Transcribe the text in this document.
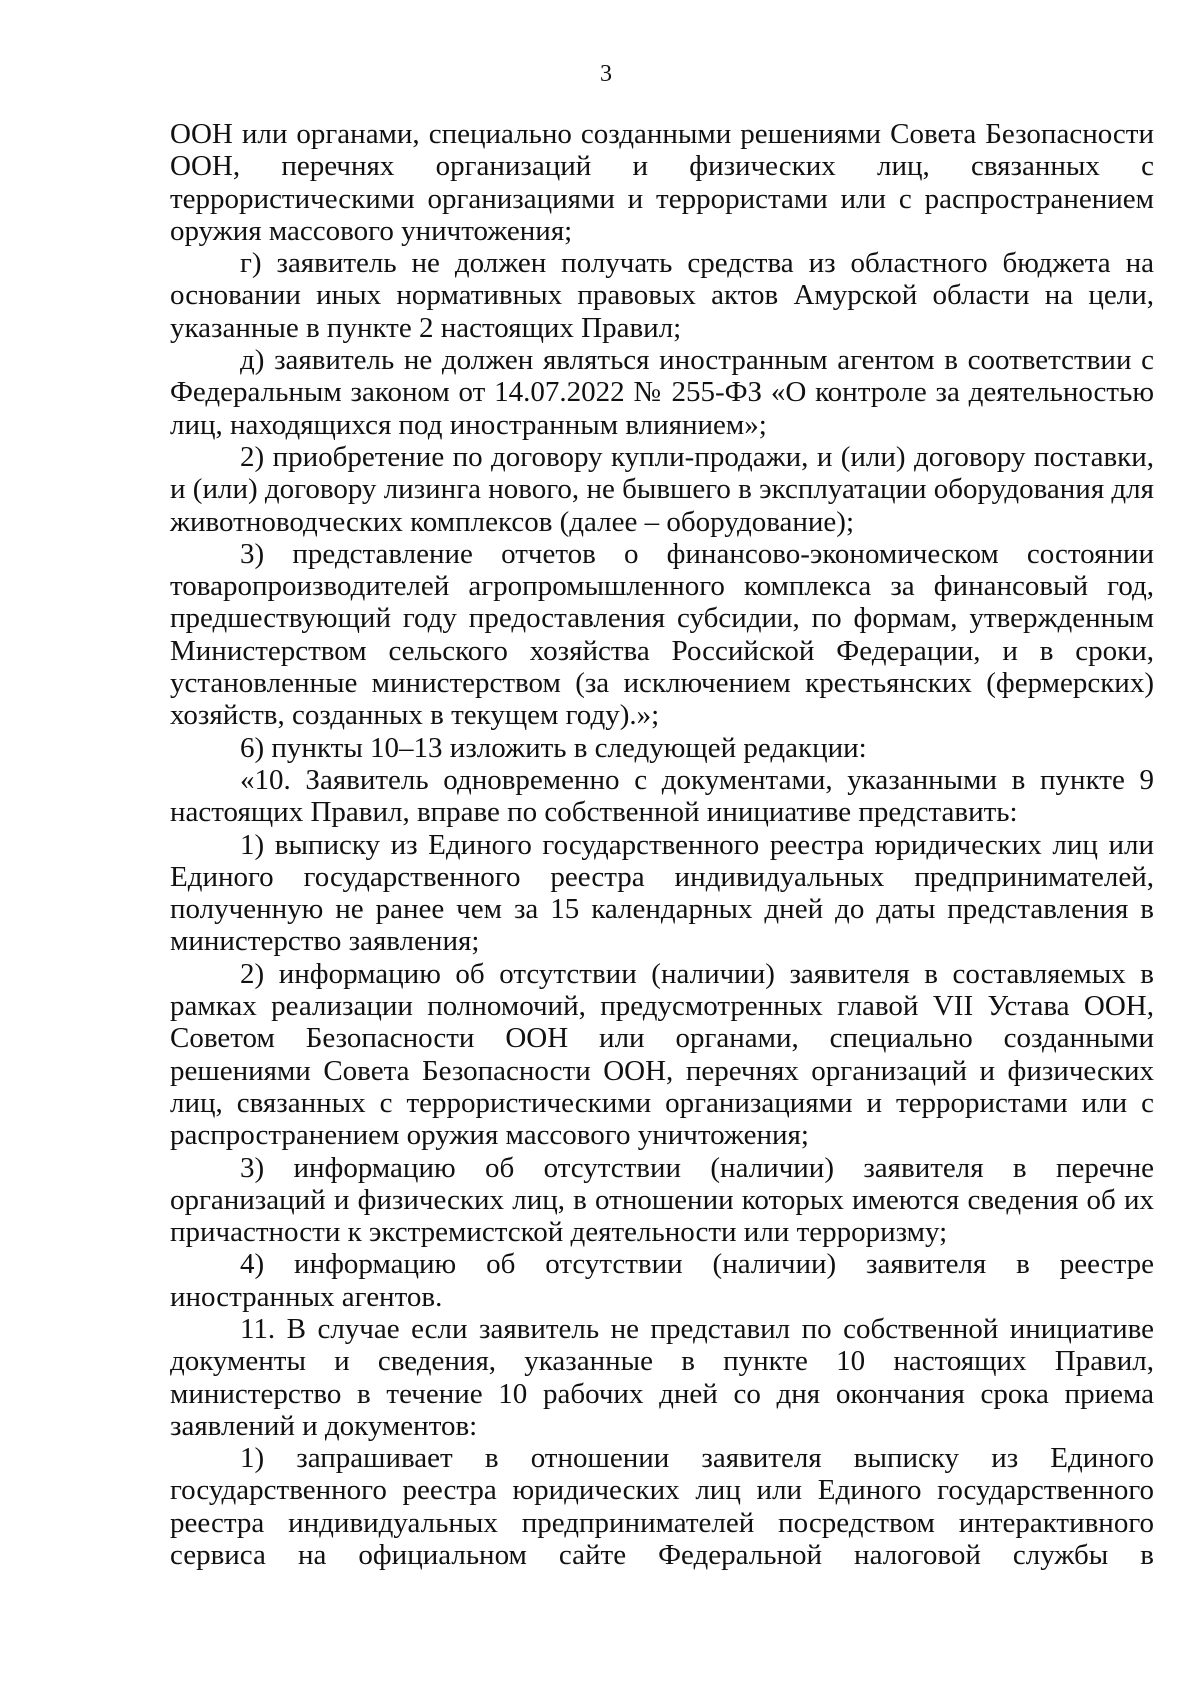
3

ООН или органами, специально созданными решениями Совета Безопасности ООН, перечнях организаций и физических лиц, связанных с террористическими организациями и террористами или с распространением оружия массового уничтожения;

г) заявитель не должен получать средства из областного бюджета на основании иных нормативных правовых актов Амурской области на цели, указанные в пункте 2 настоящих Правил;

д) заявитель не должен являться иностранным агентом в соответствии с Федеральным законом от 14.07.2022 № 255-ФЗ «О контроле за деятельностью лиц, находящихся под иностранным влиянием»;

2) приобретение по договору купли-продажи, и (или) договору поставки, и (или) договору лизинга нового, не бывшего в эксплуатации оборудования для животноводческих комплексов (далее – оборудование);

3) представление отчетов о финансово-экономическом состоянии товаропроизводителей агропромышленного комплекса за финансовый год, предшествующий году предоставления субсидии, по формам, утвержденным Министерством сельского хозяйства Российской Федерации, и в сроки, установленные министерством (за исключением крестьянских (фермерских) хозяйств, созданных в текущем году).»;

6) пункты 10–13 изложить в следующей редакции:

«10. Заявитель одновременно с документами, указанными в пункте 9 настоящих Правил, вправе по собственной инициативе представить:

1) выписку из Единого государственного реестра юридических лиц или Единого государственного реестра индивидуальных предпринимателей, полученную не ранее чем за 15 календарных дней до даты представления в министерство заявления;

2) информацию об отсутствии (наличии) заявителя в составляемых в рамках реализации полномочий, предусмотренных главой VII Устава ООН, Советом Безопасности ООН или органами, специально созданными решениями Совета Безопасности ООН, перечнях организаций и физических лиц, связанных с террористическими организациями и террористами или с распространением оружия массового уничтожения;

3) информацию об отсутствии (наличии) заявителя в перечне организаций и физических лиц, в отношении которых имеются сведения об их причастности к экстремистской деятельности или терроризму;

4) информацию об отсутствии (наличии) заявителя в реестре иностранных агентов.

11. В случае если заявитель не представил по собственной инициативе документы и сведения, указанные в пункте 10 настоящих Правил, министерство в течение 10 рабочих дней со дня окончания срока приема заявлений и документов:

1) запрашивает в отношении заявителя выписку из Единого государственного реестра юридических лиц или Единого государственного реестра индивидуальных предпринимателей посредством интерактивного сервиса на официальном сайте Федеральной налоговой службы в
